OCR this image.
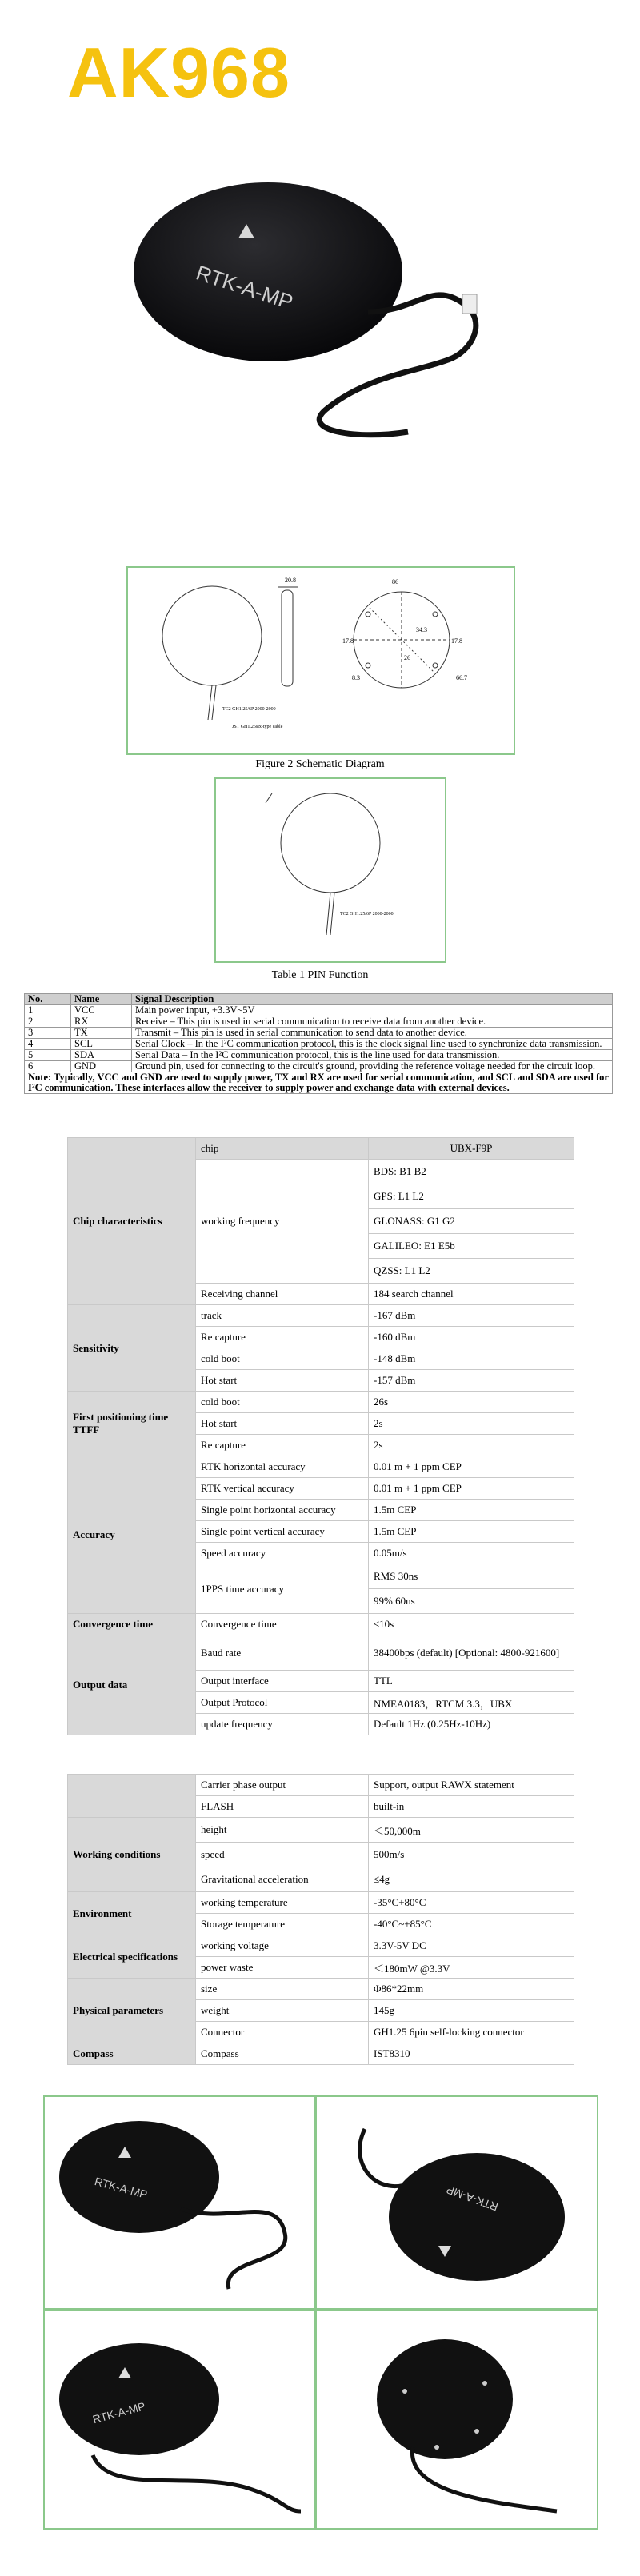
AK968
RTK-A-MP
20.8	86
34.3
26
17.8	17.8
8.3	66.7
TC2 GH1.25/6P 2000-2000
JST GH1.25six-type cable
Figure 2 Schematic Diagram
TC2 GH1.25/6P 2000-2000
Table 1 PIN Function
No.	Name	Signal Description
1	VCC	Main power input, +3.3V~5V
2	RX	Receive – This pin is used in serial communication to receive data from another device.
3	TX	Transmit – This pin is used in serial communication to send data to another device.
4	SCL	Serial Clock – In the I²C communication protocol, this is the clock signal line used to synchronize data transmission.
5	SDA	Serial Data – In the I²C communication protocol, this is the line used for data transmission.
6	GND	Ground pin, used for connecting to the circuit's ground, providing the reference voltage needed for the circuit loop.
Note: Typically, VCC and GND are used to supply power, TX and RX are used for serial communication, and SCL and SDA are used for I²C communication. These interfaces allow the receiver to supply power and exchange data with external devices.		
Chip characteristics	chip	UBX-F9P
	working frequency	BDS: B1 B2
		GPS: L1 L2
		GLONASS: G1 G2
		GALILEO: E1 E5b
		QZSS: L1 L2
	Receiving channel	184 search channel
Sensitivity	track	-167 dBm
	Re capture	-160 dBm
	cold boot	-148 dBm
	Hot start	-157 dBm
First positioning time TTFF	cold boot	26s
	Hot start	2s
	Re capture	2s
Accuracy	RTK horizontal accuracy	0.01 m + 1 ppm CEP
	RTK vertical accuracy	0.01 m + 1 ppm CEP
	Single point horizontal accuracy	1.5m CEP
	Single point vertical accuracy	1.5m CEP
	Speed accuracy	0.05m/s
	1PPS time accuracy	RMS 30ns
		99% 60ns
Convergence time	Convergence time	≤10s
Output data	Baud rate	38400bps (default) [Optional: 4800-921600]
	Output interface	TTL
	Output Protocol	NMEA0183，RTCM 3.3，UBX
	update frequency	Default 1Hz (0.25Hz-10Hz)
	Carrier phase output	Support, output RAWX statement
	FLASH	built-in
Working conditions	height	＜50,000m
	speed	500m/s
	Gravitational acceleration	≤4g
Environment	working temperature	-35°C+80°C
	Storage temperature	-40°C~+85°C
Electrical specifications	working voltage	3.3V-5V DC
	power waste	＜180mW @3.3V
Physical parameters	size	Φ86*22mm
	weight	145g
	Connector	GH1.25 6pin self-locking connector
Compass	Compass	IST8310
RTK-A-MP	RTK-A-MP
RTK-A-MP
